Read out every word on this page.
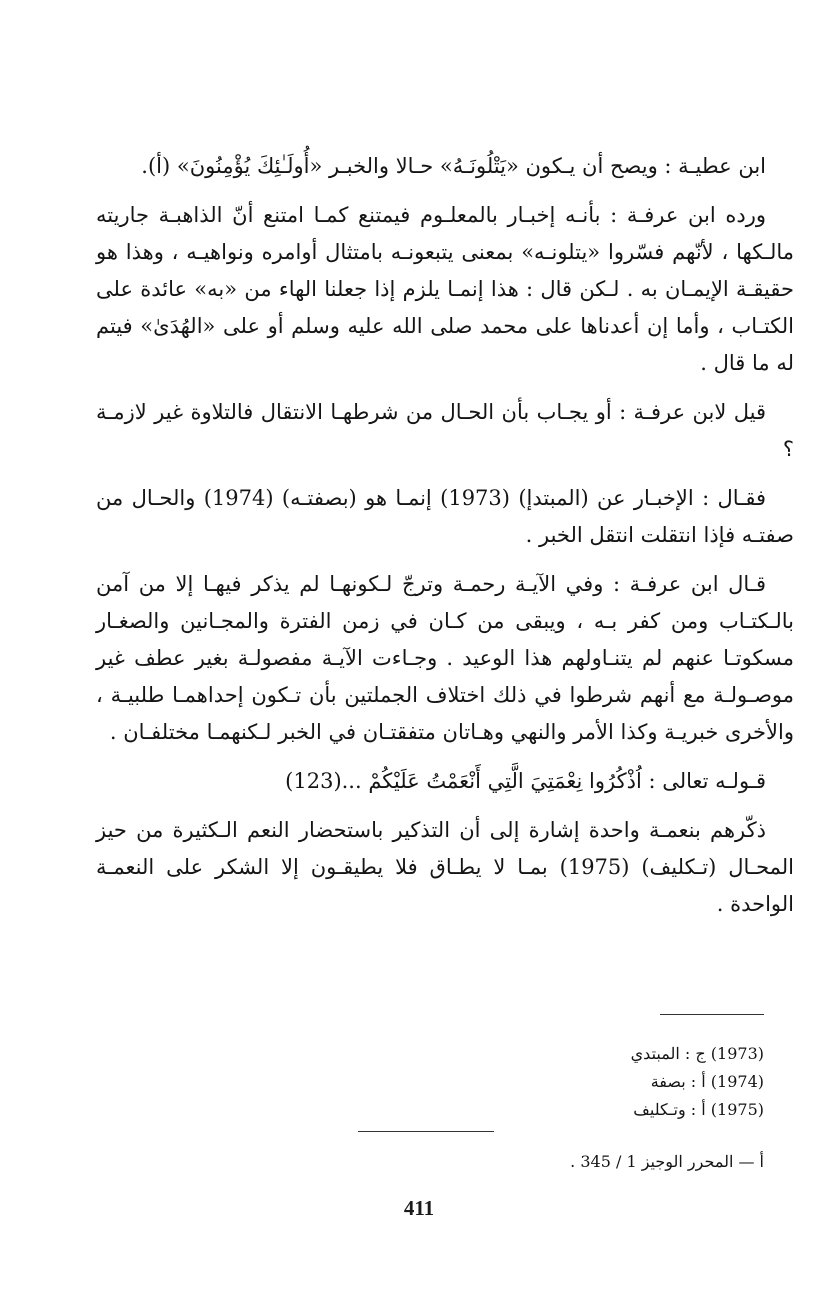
ابن عطيـة : ويصح أن يـكون «يَتْلُونَـهُ» حـالا والخبـر «أُولَـٰئِكَ يُؤْمِنُونَ» (أ).

ورده ابن عرفـة : بأنـه إخبـار بالمعلـوم فيمتنع كمـا امتنع أنّ الذاهبـة جاريته مالـكها ، لأنّهم فسّروا «يتلونـه» بمعنى يتبعونـه بامتثال أوامره ونواهيـه ، وهذا هو حقيقـة الإيمـان به . لـكن قال : هذا إنمـا يلزم إذا جعلنا الهاء من «به» عائدة على الكتـاب ، وأما إن أعدناها على محمد صلى الله عليه وسلم أو على «الهُدَىٰ» فيتم له ما قال .

قيل لابن عرفـة : أو يجـاب بأن الحـال من شرطهـا الانتقال فالتلاوة غير لازمـة ؟

فقـال : الإخبـار عن (المبتدإ) (1973) إنمـا هو (بصفتـه) (1974) والحـال من صفتـه فإذا انتقلت انتقل الخبر .

قـال ابن عرفـة : وفي الآيـة رحمـة وترجّ لـكونهـا لم يذكر فيهـا إلا من آمن بالـكتـاب ومن كفر بـه ، ويبقى من كـان في زمن الفترة والمجـانين والصغـار مسكوتـا عنهم لم يتنـاولهم هذا الوعيد . وجـاءت الآيـة مفصولـة بغير عطف غير موصـولـة مع أنهم شرطوا في ذلك اختلاف الجملتين بأن تـكون إحداهمـا طلبيـة ، والأخرى خبريـة وكذا الأمر والنهي وهـاتان متفقتـان في الخبر لـكنهمـا مختلفـان .

قـولـه تعالى : اُذْكُرُوا نِعْمَتِيَ الَّتِي أَنْعَمْتُ عَلَيْكُمْ ...(123)

ذكّرهم بنعمـة واحدة إشارة إلى أن التذكير باستحضار النعم الـكثيرة من حيز المحـال (تـكليف) (1975) بمـا لا يطـاق فلا يطيقـون إلا الشكر على النعمـة الواحدة .

(1973) ج : المبتدي
(1974) أ : بصفة
(1975) أ : وتـكليف
أ — المحرر الوجيز 1 / 345 .
411
